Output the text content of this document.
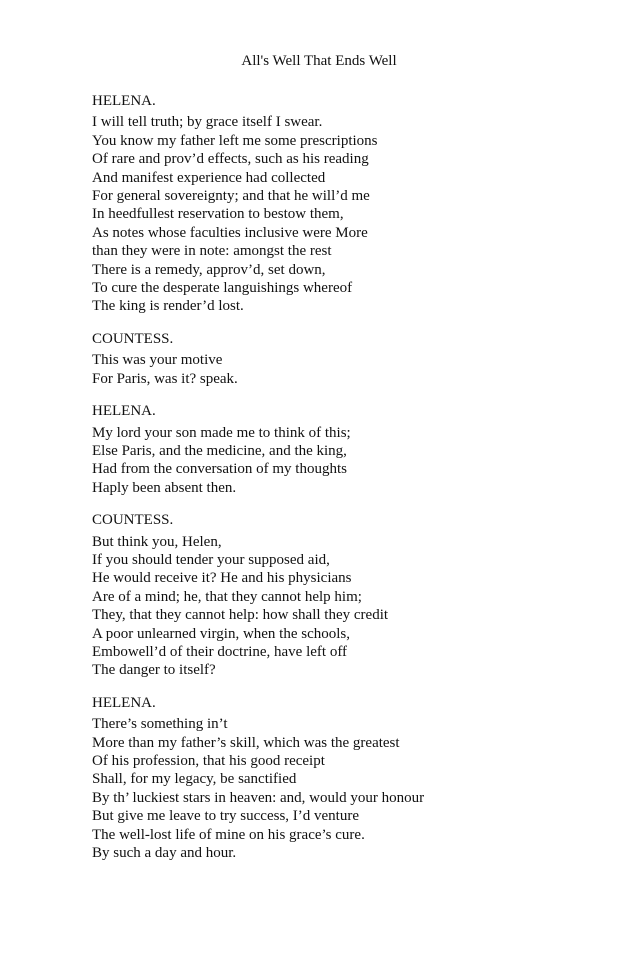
All's Well That Ends Well
HELENA.
I will tell truth; by grace itself I swear.
You know my father left me some prescriptions
Of rare and prov’d effects, such as his reading
And manifest experience had collected
For general sovereignty; and that he will’d me
In heedfullest reservation to bestow them,
As notes whose faculties inclusive were More
than they were in note: amongst the rest
There is a remedy, approv’d, set down,
To cure the desperate languishings whereof
The king is render’d lost.
COUNTESS.
This was your motive
For Paris, was it? speak.
HELENA.
My lord your son made me to think of this;
Else Paris, and the medicine, and the king,
Had from the conversation of my thoughts
Haply been absent then.
COUNTESS.
But think you, Helen,
If you should tender your supposed aid,
He would receive it? He and his physicians
Are of a mind; he, that they cannot help him;
They, that they cannot help: how shall they credit
A poor unlearned virgin, when the schools,
Embowell’d of their doctrine, have left off
The danger to itself?
HELENA.
There’s something in’t
More than my father’s skill, which was the greatest
Of his profession, that his good receipt
Shall, for my legacy, be sanctified
By th’ luckiest stars in heaven: and, would your honour
But give me leave to try success, I’d venture
The well-lost life of mine on his grace’s cure.
By such a day and hour.
